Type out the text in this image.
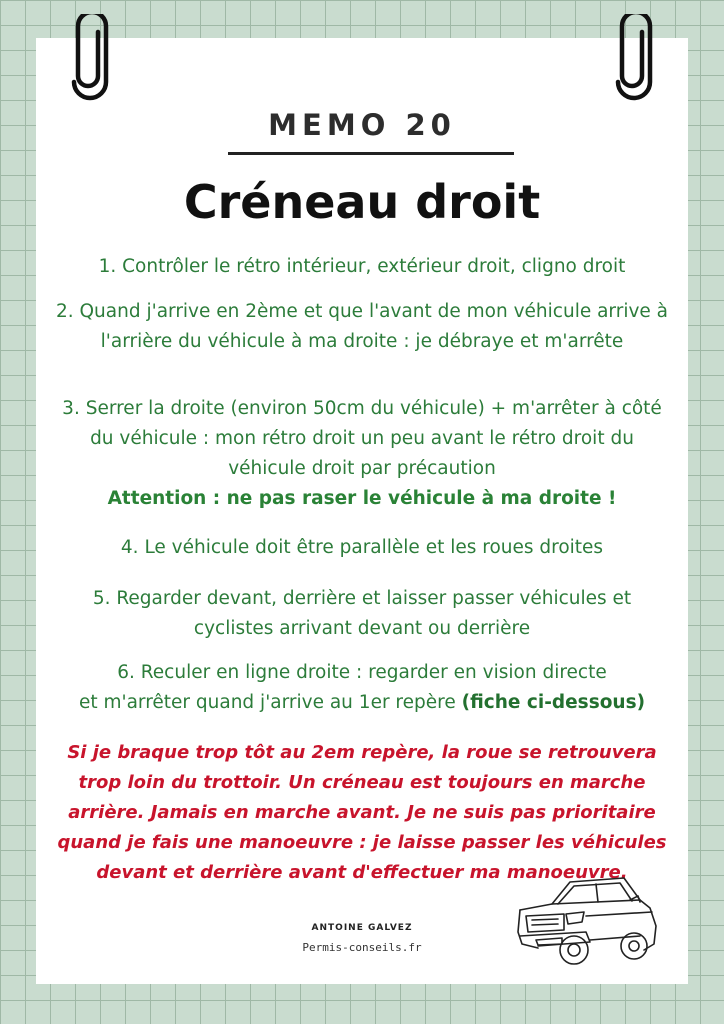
MEMO 20
Créneau droit
1. Contrôler le rétro intérieur, extérieur droit, cligno droit
2. Quand j'arrive en 2ème et que l'avant de mon véhicule arrive à
l'arrière du véhicule à ma droite : je débraye et m'arrête
3. Serrer la droite (environ 50cm du véhicule) + m'arrêter à côté
du véhicule : mon rétro droit un peu avant le rétro droit du
véhicule droit par précaution
Attention : ne pas raser le véhicule à ma droite !
4. Le véhicule doit être parallèle et les roues droites
5. Regarder devant, derrière et laisser passer véhicules et
cyclistes arrivant devant ou derrière
6. Reculer en ligne droite : regarder en vision directe
et m'arrêter quand j'arrive au 1er repère (fiche ci-dessous)
Si je braque trop tôt au 2em repère, la roue se retrouvera
trop loin du trottoir. Un créneau est toujours en marche
arrière. Jamais en marche avant. Je ne suis pas prioritaire
quand je fais une manoeuvre : je laisse passer les véhicules
devant et derrière avant d'effectuer ma manoeuvre.
ANTOINE GALVEZ
Permis-conseils.fr
